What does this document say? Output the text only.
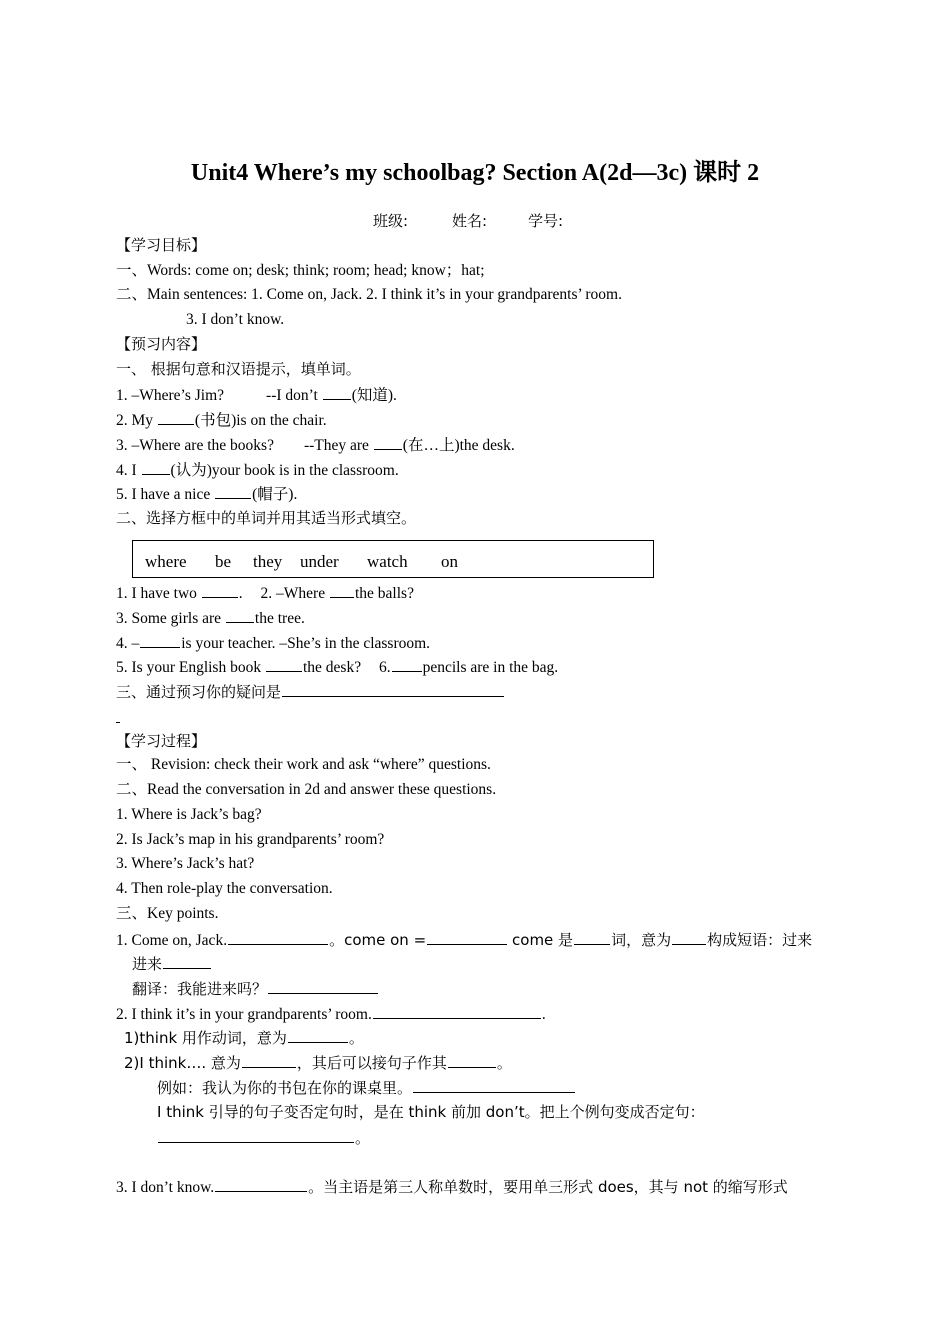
Unit4 Where’s my schoolbag? Section A(2d—3c) 课时 2
班级:	姓名:	学号:
【学习目标】
一、Words: come on; desk; think; room; head; know；hat;
二、Main sentences: 1. Come on, Jack. 2. I think it’s in your grandparents’ room.
3. I don’t know.
【预习内容】
一、 根据句意和汉语提示，填单词。
1. –Where’s Jim?	--I don’t (知道).
2. My	(书包)is on the chair.
3. –Where are the books? --They are (在…上)the desk.
4. I (认为)your book is in the classroom.
5. I have a nice	(帽子).
二、选择方框中的单词并用其适当形式填空。
where be they under watch on
1. I have two	. 2. –Where the balls?
3. Some girls are the tree.
4. –	is your teacher. –She’s in the classroom.
5. Is your English book	the desk? 6. pencils are in the bag.
三、通过预习你的疑问是
【学习过程】
一、 Revision: check their work and ask “where” questions.
二、Read the conversation in 2d and answer these questions.
1. Where is Jack’s bag?
2. Is Jack’s map in his grandparents’ room?
3. Where’s Jack’s hat?
4. Then role-play the conversation.
三、Key points.
1. Come on, Jack.	。come on =	come 是	词，意为 构成短语：过来
进来
翻译：我能进来吗？
2. I think it’s in your grandparents’ room.	.
1)think 用作动词，意为	。
2)I think…. 意为	，其后可以接句子作其	。
例如：我认为你的书包在你的课桌里。
I think 引导的句子变否定句时，是在 think 前加 don’t。把上个例句变成否定句：
。
3. I don’t know.	。当主语是第三人称单数时，要用单三形式 does，其与 not 的缩写形式
